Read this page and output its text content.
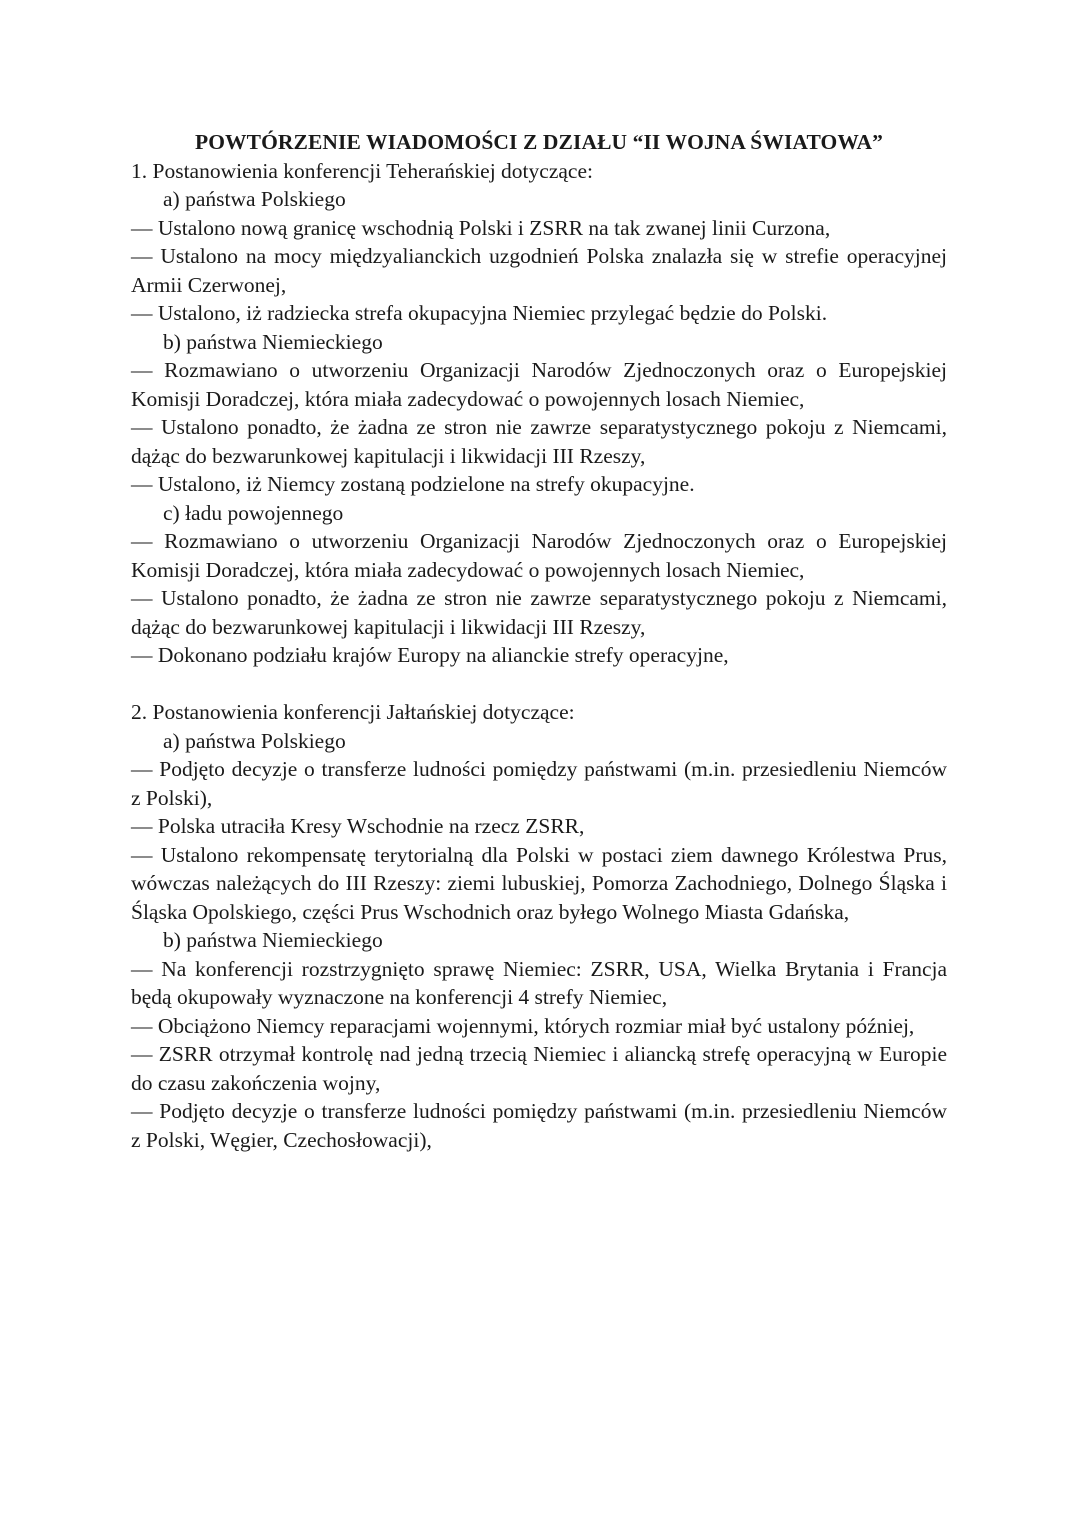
POWTÓRZENIE WIADOMOŚCI Z DZIAŁU “II WOJNA ŚWIATOWA”

1. Postanowienia konferencji Teherańskiej dotyczące:

a) państwa Polskiego

— Ustalono nową granicę wschodnią Polski i ZSRR na tak zwanej linii Curzona,

— Ustalono na mocy międzyalianckich uzgodnień Polska znalazła się w strefie operacyjnej Armii Czerwonej,

— Ustalono, iż radziecka strefa okupacyjna Niemiec przylegać będzie do Polski.

b) państwa Niemieckiego

— Rozmawiano o utworzeniu Organizacji Narodów Zjednoczonych oraz o Europejskiej Komisji Doradczej, która miała zadecydować o powojennych losach Niemiec,

— Ustalono ponadto, że żadna ze stron nie zawrze separatystycznego pokoju z Niemcami, dążąc do bezwarunkowej kapitulacji i likwidacji III Rzeszy,

— Ustalono, iż Niemcy zostaną podzielone na strefy okupacyjne.

c) ładu powojennego

— Rozmawiano o utworzeniu Organizacji Narodów Zjednoczonych oraz o Europejskiej Komisji Doradczej, która miała zadecydować o powojennych losach Niemiec,

— Ustalono ponadto, że żadna ze stron nie zawrze separatystycznego pokoju z Niemcami, dążąc do bezwarunkowej kapitulacji i likwidacji III Rzeszy,

— Dokonano podziału krajów Europy na alianckie strefy operacyjne,

2. Postanowienia konferencji Jałtańskiej dotyczące:

a) państwa Polskiego

— Podjęto decyzje o transferze ludności pomiędzy państwami (m.in. przesiedleniu Niemców z Polski),

— Polska utraciła Kresy Wschodnie na rzecz ZSRR,

— Ustalono rekompensatę terytorialną dla Polski w postaci ziem dawnego Królestwa Prus, wówczas należących do III Rzeszy: ziemi lubuskiej, Pomorza Zachodniego, Dolnego Śląska i Śląska Opolskiego, części Prus Wschodnich oraz byłego Wolnego Miasta Gdańska,

b) państwa Niemieckiego

— Na konferencji rozstrzygnięto sprawę Niemiec: ZSRR, USA, Wielka Brytania i Francja będą okupowały wyznaczone na konferencji 4 strefy Niemiec,

— Obciążono Niemcy reparacjami wojennymi, których rozmiar miał być ustalony później,

— ZSRR otrzymał kontrolę nad jedną trzecią Niemiec i aliancką strefę operacyjną w Europie do czasu zakończenia wojny,

— Podjęto decyzje o transferze ludności pomiędzy państwami (m.in. przesiedleniu Niemców z Polski, Węgier, Czechosłowacji),
